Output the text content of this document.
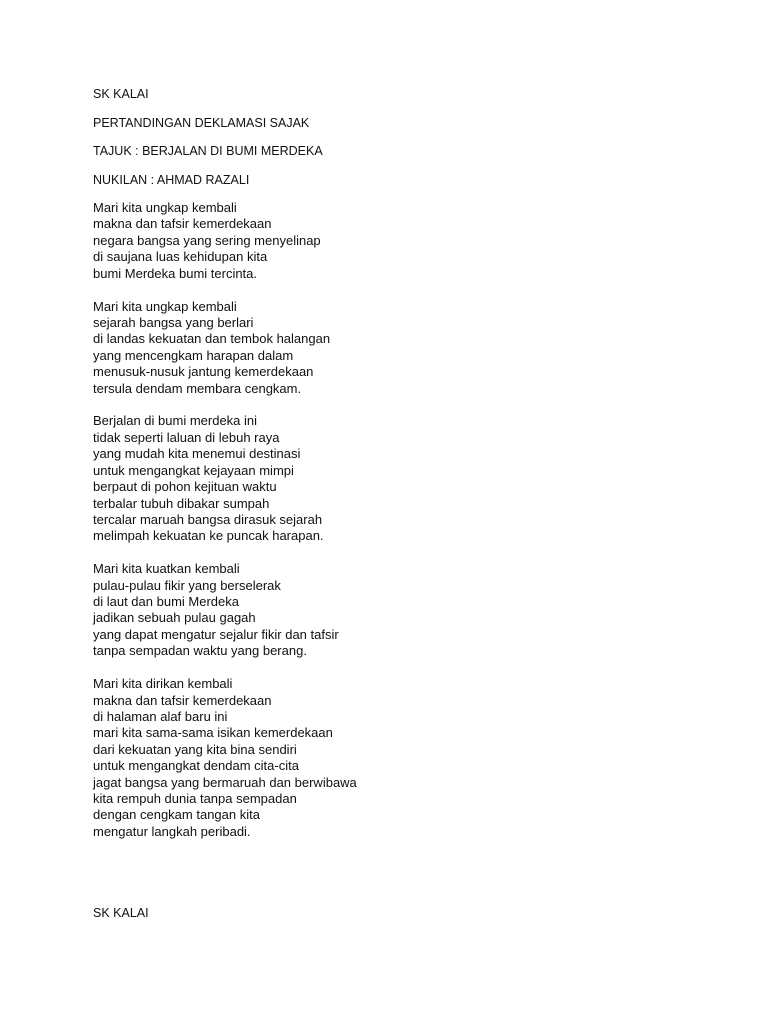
SK KALAI
PERTANDINGAN DEKLAMASI SAJAK
TAJUK : BERJALAN DI BUMI MERDEKA
NUKILAN : AHMAD RAZALI
Mari kita ungkap kembali
makna dan tafsir kemerdekaan
negara bangsa yang sering menyelinap
di saujana luas kehidupan kita
bumi Merdeka bumi tercinta.
Mari kita ungkap kembali
sejarah bangsa yang berlari
di landas kekuatan dan tembok halangan
yang mencengkam harapan dalam
menusuk-nusuk jantung kemerdekaan
tersula dendam membara cengkam.
Berjalan di bumi merdeka ini
tidak seperti laluan di lebuh raya
yang mudah kita menemui destinasi
untuk mengangkat kejayaan mimpi
berpaut di pohon kejituan waktu
terbalar tubuh dibakar sumpah
tercalar maruah bangsa dirasuk sejarah
melimpah kekuatan ke puncak harapan.
Mari kita kuatkan kembali
pulau-pulau fikir yang berselerak
di laut dan bumi Merdeka
jadikan sebuah pulau gagah
yang dapat mengatur sejalur fikir dan tafsir
tanpa sempadan waktu yang berang.
Mari kita dirikan kembali
makna dan tafsir kemerdekaan
di halaman alaf baru ini
mari kita sama-sama isikan kemerdekaan
dari kekuatan yang kita bina sendiri
untuk mengangkat dendam cita-cita
jagat bangsa yang bermaruah dan berwibawa
kita rempuh dunia tanpa sempadan
dengan cengkam tangan kita
mengatur langkah peribadi.
SK KALAI
